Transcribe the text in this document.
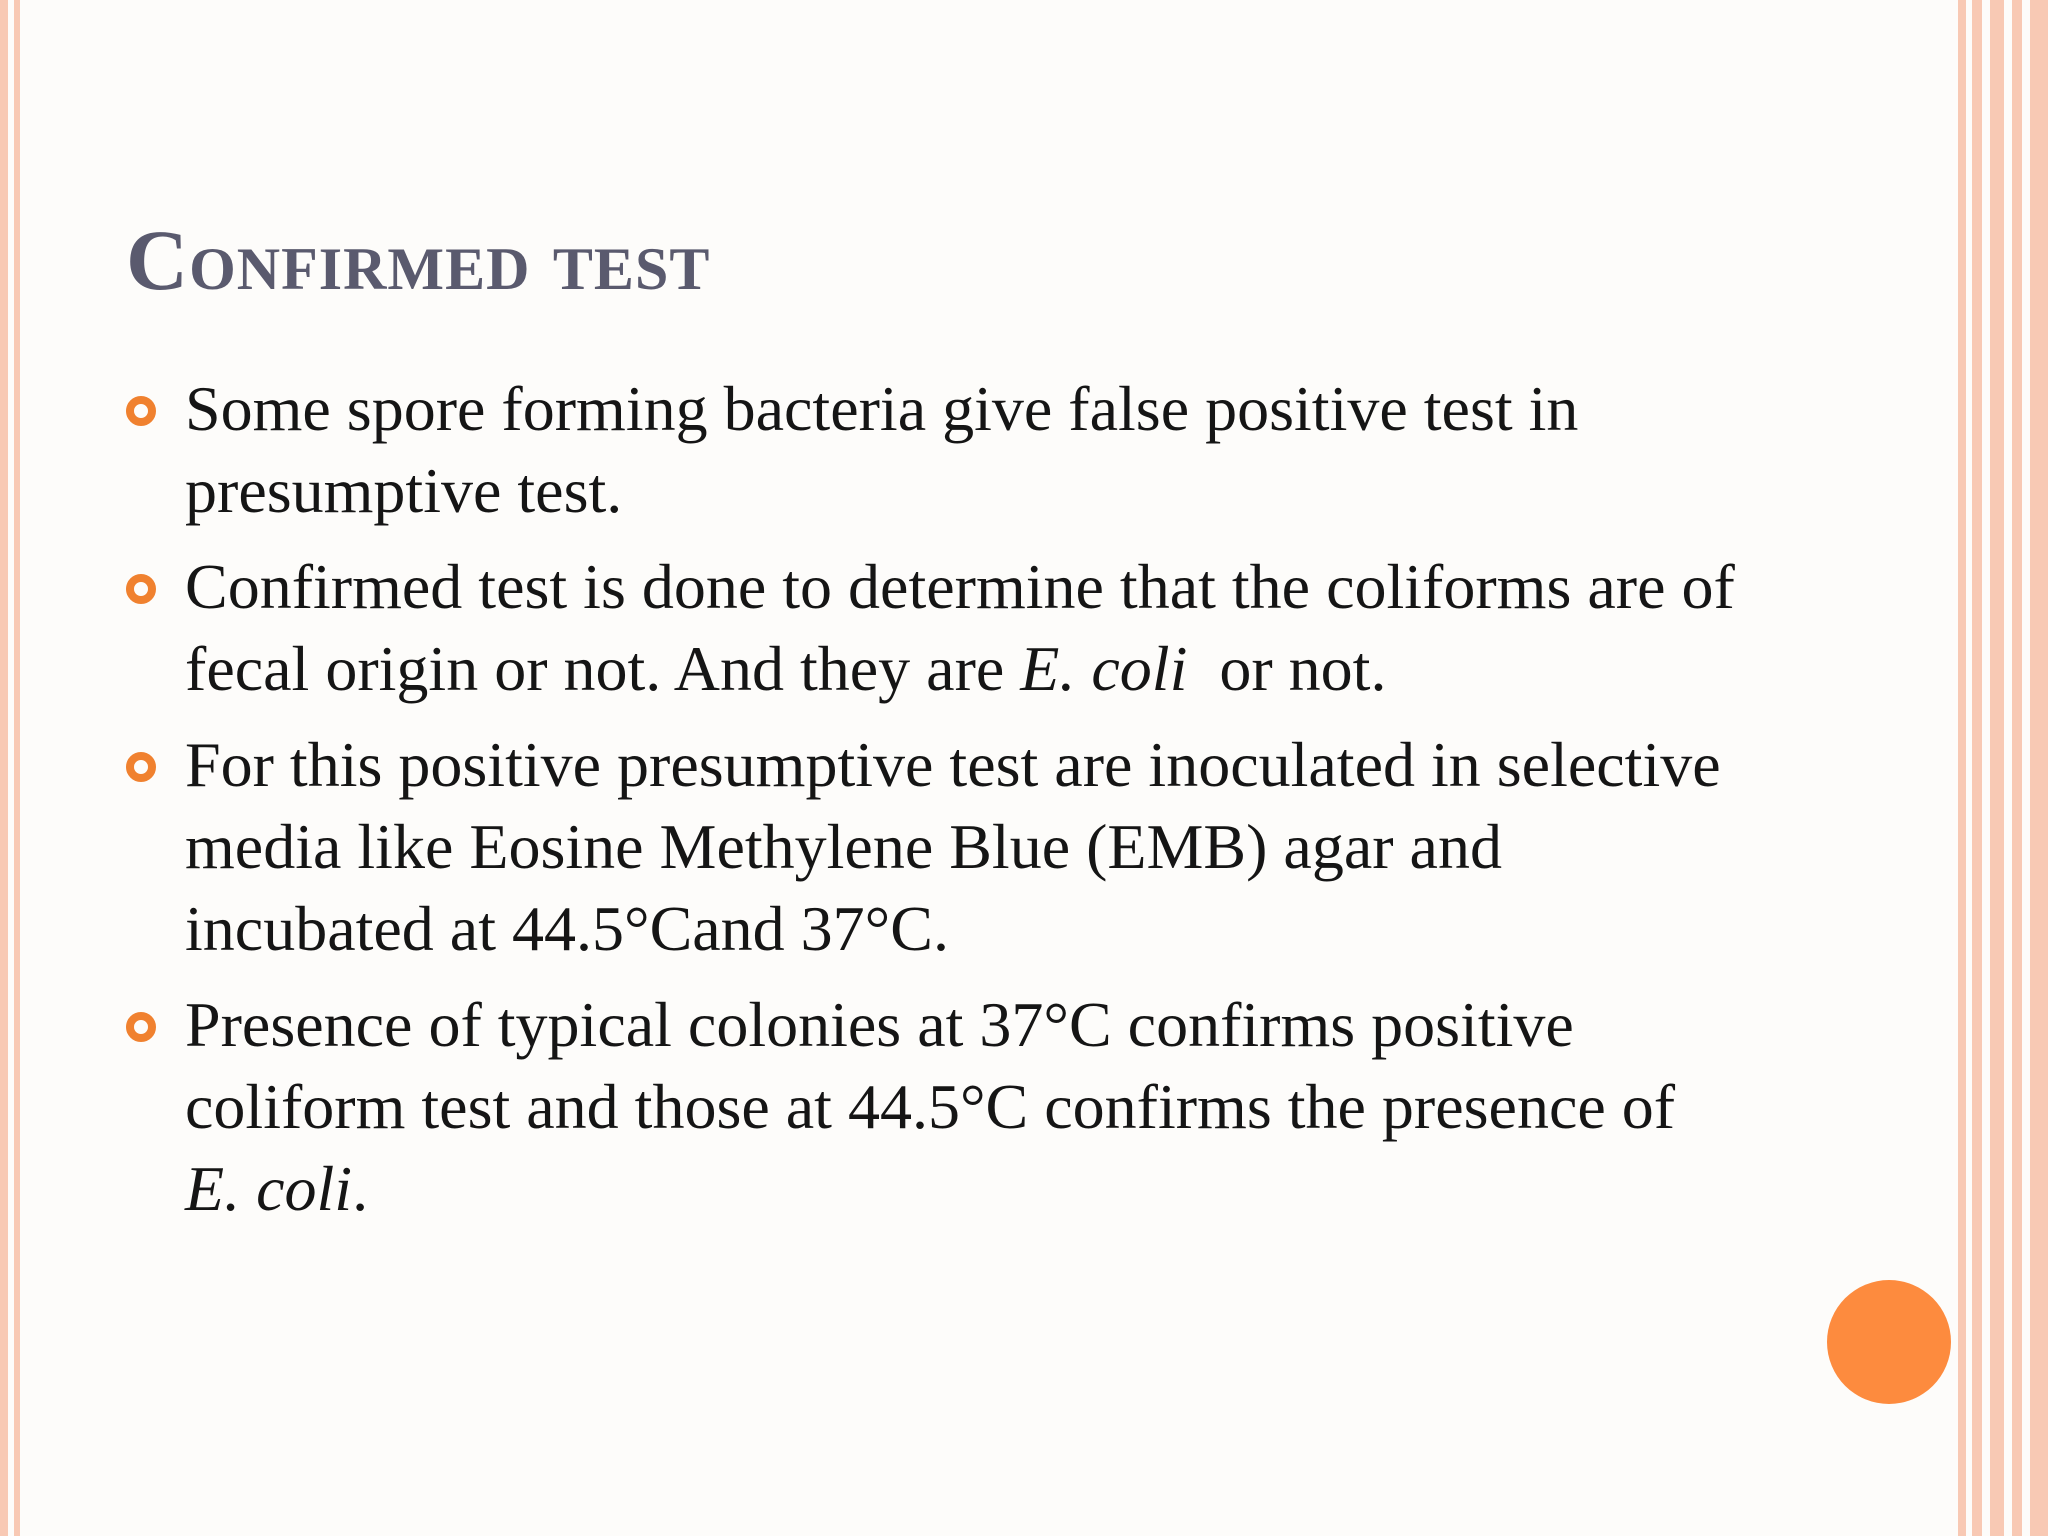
Confirmed test
Some spore forming bacteria give false positive test in presumptive test.
Confirmed test is done to determine that the coliforms are of fecal origin or not. And they are E. coli  or not.
For this positive presumptive test are inoculated in selective media like Eosine Methylene Blue (EMB) agar and incubated at 44.5°Cand 37°C.
Presence of typical colonies at 37°C confirms positive coliform test and those at 44.5°C confirms the presence of E. coli.
